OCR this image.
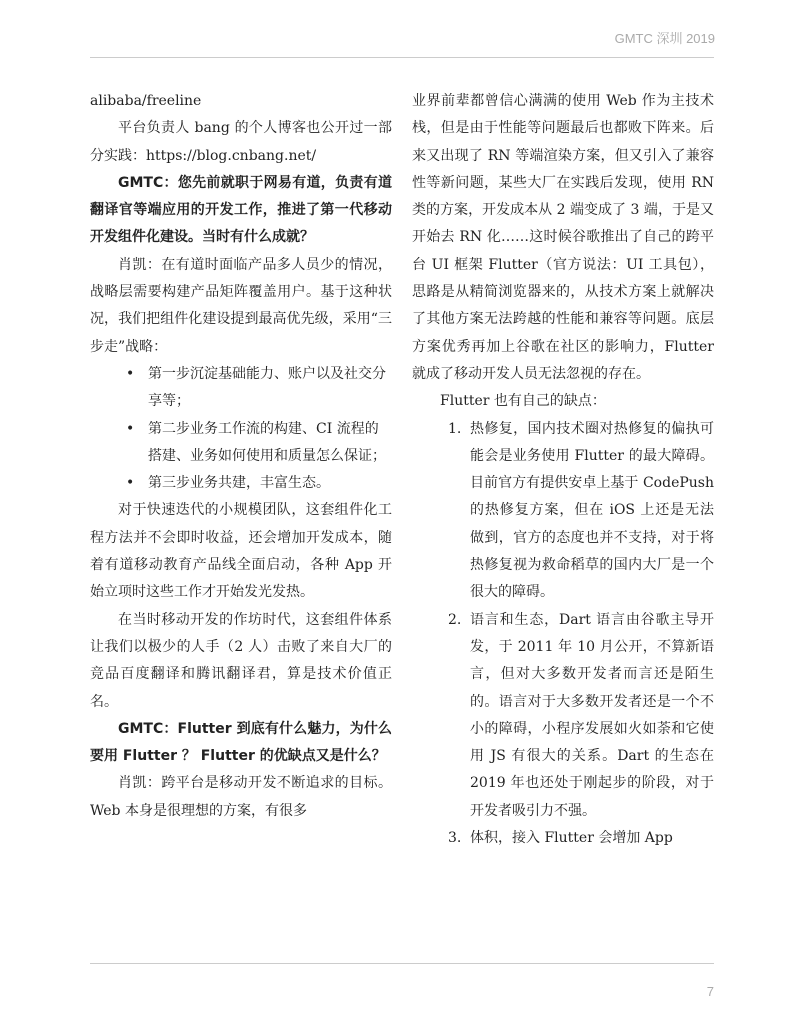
GMTC 深圳 2019

alibaba/freeline

平台负责人 bang 的个人博客也公开过一部分实践：https://blog.cnbang.net/

GMTC：您先前就职于网易有道，负责有道翻译官等端应用的开发工作，推进了第一代移动开发组件化建设。当时有什么成就？

肖凯：在有道时面临产品多人员少的情况，战略层需要构建产品矩阵覆盖用户。基于这种状况，我们把组件化建设提到最高优先级，采用“三步走”战略：

• 第一步沉淀基础能力、账户以及社交分享等；
• 第二步业务工作流的构建、CI 流程的搭建、业务如何使用和质量怎么保证；
• 第三步业务共建，丰富生态。

对于快速迭代的小规模团队，这套组件化工程方法并不会即时收益，还会增加开发成本，随着有道移动教育产品线全面启动，各种 App 开始立项时这些工作才开始发光发热。

在当时移动开发的作坊时代，这套组件体系让我们以极少的人手（2 人）击败了来自大厂的竞品百度翻译和腾讯翻译君，算是技术价值正名。

GMTC：Flutter 到底有什么魅力，为什么要用 Flutter ？ Flutter 的优缺点又是什么？

肖凯：跨平台是移动开发不断追求的目标。Web 本身是很理想的方案，有很多

业界前辈都曾信心满满的使用 Web 作为主技术栈，但是由于性能等问题最后也都败下阵来。后来又出现了 RN 等端渲染方案，但又引入了兼容性等新问题，某些大厂在实践后发现，使用 RN 类的方案，开发成本从 2 端变成了 3 端，于是又开始去 RN 化……这时候谷歌推出了自己的跨平台 UI 框架 Flutter（官方说法：UI 工具包），思路是从精简浏览器来的，从技术方案上就解决了其他方案无法跨越的性能和兼容等问题。底层方案优秀再加上谷歌在社区的影响力，Flutter 就成了移动开发人员无法忽视的存在。

Flutter 也有自己的缺点：

1. 热修复，国内技术圈对热修复的偏执可能会是业务使用 Flutter 的最大障碍。目前官方有提供安卓上基于 CodePush 的热修复方案，但在 iOS 上还是无法做到，官方的态度也并不支持，对于将热修复视为救命稻草的国内大厂是一个很大的障碍。
2. 语言和生态，Dart 语言由谷歌主导开发，于 2011 年 10 月公开，不算新语言，但对大多数开发者而言还是陌生的。语言对于大多数开发者还是一个不小的障碍，小程序发展如火如荼和它使用 JS 有很大的关系。Dart 的生态在 2019 年也还处于刚起步的阶段，对于开发者吸引力不强。
3. 体积，接入 Flutter 会增加 App
7
